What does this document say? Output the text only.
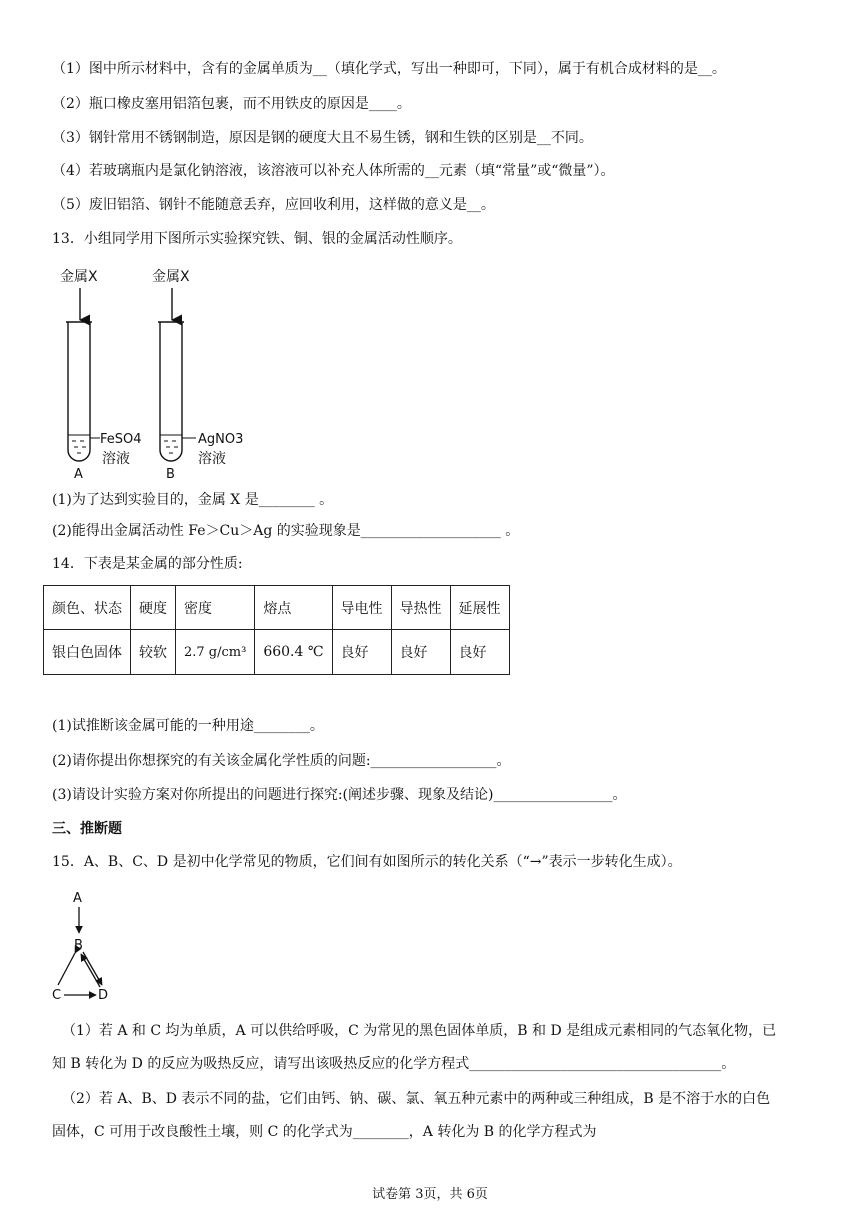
（1）图中所示材料中，含有的金属单质为__（填化学式，写出一种即可，下同），属于有机合成材料的是__。
（2）瓶口橡皮塞用铝箔包裹，而不用铁皮的原因是____。
（3）钢针常用不锈钢制造，原因是钢的硬度大且不易生锈，钢和生铁的区别是__不同。
（4）若玻璃瓶内是氯化钠溶液，该溶液可以补充人体所需的__元素（填“常量”或“微量”）。
（5）废旧铝箔、钢针不能随意丢弃，应回收利用，这样做的意义是__。
13．小组同学用下图所示实验探究铁、铜、银的金属活动性顺序。
金属X
FeSO4
溶液
A
金属X
AgNO3
溶液
B
(1)为了达到实验目的，金属 X 是________ 。
(2)能得出金属活动性 Fe＞Cu＞Ag 的实验现象是____________________ 。
14．下表是某金属的部分性质:
颜色、状态	硬度	密度	熔点	导电性	导热性	延展性
银白色固体	较软	2.7 g/cm³	660.4 ℃	良好	良好	良好
(1)试推断该金属可能的一种用途________。
(2)请你提出你想探究的有关该金属化学性质的问题:__________________。
(3)请设计实验方案对你所提出的问题进行探究:(阐述步骤、现象及结论)_________________。
三、推断题
15．A、B、C、D 是初中化学常见的物质，它们间有如图所示的转化关系（“→”表示一步转化生成）。
A
B
C	D
（1）若 A 和 C 均为单质，A 可以供给呼吸，C 为常见的黑色固体单质，B 和 D 是组成元素相同的气态氧化物，已
知 B 转化为 D 的反应为吸热反应，请写出该吸热反应的化学方程式____________________________________。
（2）若 A、B、D 表示不同的盐，它们由钙、钠、碳、氯、氧五种元素中的两种或三种组成，B 是不溶于水的白色
固体，C 可用于改良酸性土壤，则 C 的化学式为________，A 转化为 B 的化学方程式为
试卷第 3页，共 6页
